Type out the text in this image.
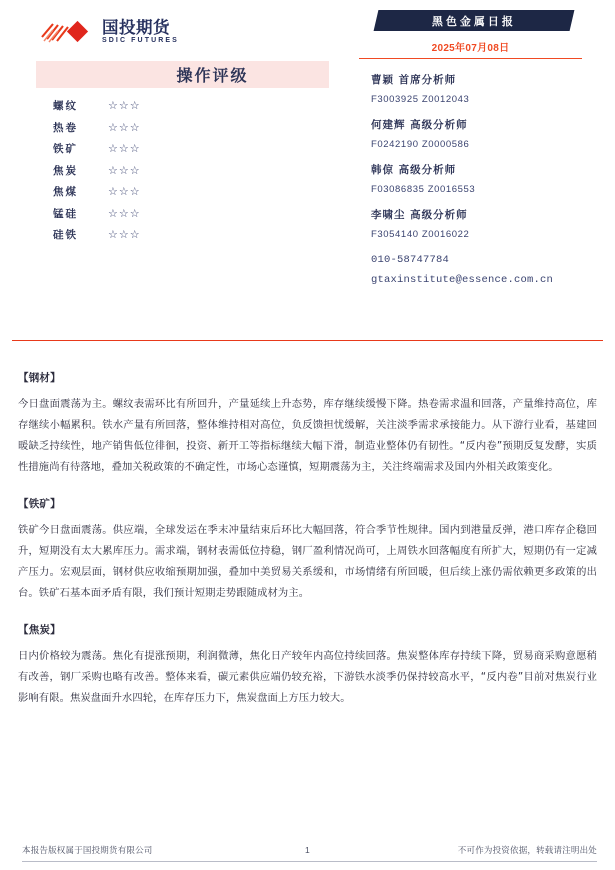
国投期货
SDIC FUTURES
操作评级
螺纹	☆☆☆
热卷	☆☆☆
铁矿	☆☆☆
焦炭	☆☆☆
焦煤	☆☆☆
锰硅	☆☆☆
硅铁	☆☆☆
黑色金属日报
2025年07月08日
曹颖 首席分析师
F3003925 Z0012043
何建辉 高级分析师
F0242190 Z0000586
韩倞 高级分析师
F03086835 Z0016553
李啸尘 高级分析师
F3054140 Z0016022
010-58747784
gtaxinstitute@essence.com.cn
【钢材】
今日盘面震荡为主。螺纹表需环比有所回升，产量延续上升态势，库存继续缓慢下降。热卷需求温和回落，产量维持高位，库存继续小幅累积。铁水产量有所回落，整体维持相对高位，负反馈担忧缓解，关注淡季需求承接能力。从下游行业看，基建回暖缺乏持续性，地产销售低位徘徊，投资、新开工等指标继续大幅下滑，制造业整体仍有韧性。“反内卷”预期反复发酵，实质性措施尚有待落地，叠加关税政策的不确定性，市场心态谨慎，短期震荡为主，关注终端需求及国内外相关政策变化。
【铁矿】
铁矿今日盘面震荡。供应端，全球发运在季末冲量结束后环比大幅回落，符合季节性规律。国内到港量反弹，港口库存企稳回升，短期没有太大累库压力。需求端，钢材表需低位持稳，钢厂盈利情况尚可，上周铁水回落幅度有所扩大，短期仍有一定减产压力。宏观层面，钢材供应收缩预期加强，叠加中美贸易关系缓和，市场情绪有所回暖，但后续上涨仍需依赖更多政策的出台。铁矿石基本面矛盾有限，我们预计短期走势跟随成材为主。
【焦炭】
日内价格较为震荡。焦化有提涨预期，利润微薄，焦化日产较年内高位持续回落。焦炭整体库存持续下降，贸易商采购意愿稍有改善，钢厂采购也略有改善。整体来看，碳元素供应端仍较充裕，下游铁水淡季仍保持较高水平，“反内卷”目前对焦炭行业影响有限。焦炭盘面升水四轮，在库存压力下，焦炭盘面上方压力较大。
本报告版权属于国投期货有限公司	1	不可作为投资依据，转载请注明出处
